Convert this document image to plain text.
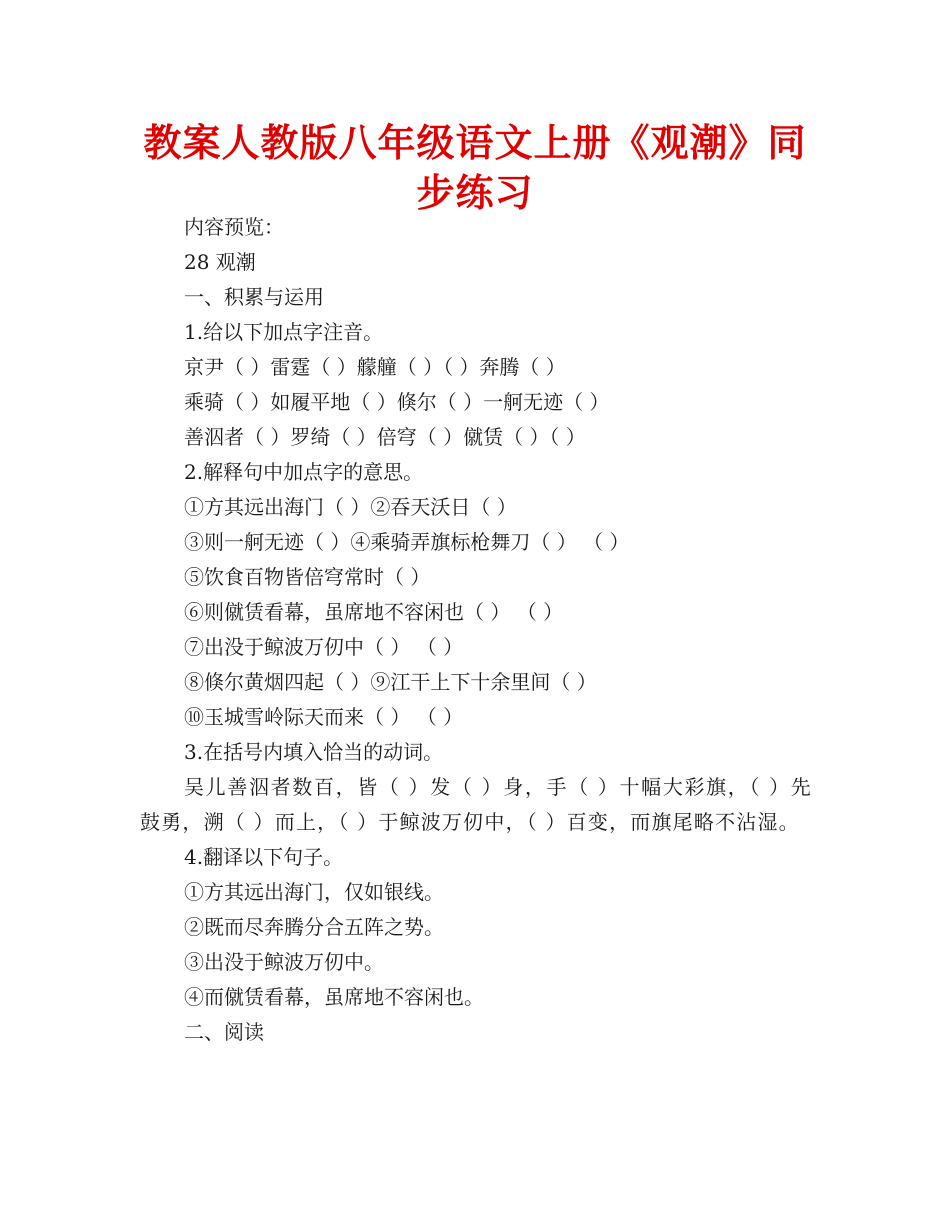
教案人教版八年级语文上册《观潮》同步练习
内容预览：
28 观潮
一、积累与运用
1.给以下加点字注音。
京尹（ ）雷霆（ ）艨艟（ ）（ ）奔腾（ ）
乘骑（ ）如履平地（ ）倏尔（ ）一舸无迹（ ）
善泅者（ ）罗绮（ ）倍穹（ ）僦赁（ ）（ ）
2.解释句中加点字的意思。
①方其远出海门（ ）②吞天沃日（ ）
③则一舸无迹（ ）④乘骑弄旗标枪舞刀（ ） （ ）
⑤饮食百物皆倍穹常时（ ）
⑥则僦赁看幕，虽席地不容闲也（ ） （ ）
⑦出没于鲸波万仞中（ ） （ ）
⑧倏尔黄烟四起（ ）⑨江干上下十余里间（ ）
⑩玉城雪岭际天而来（ ） （ ）
3.在括号内填入恰当的动词。
吴儿善泅者数百，皆（ ）发（ ）身，手（ ）十幅大彩旗，（ ）先鼓勇，溯（ ）而上，（ ）于鲸波万仞中，（ ）百变，而旗尾略不沾湿。
4.翻译以下句子。
①方其远出海门，仅如银线。
②既而尽奔腾分合五阵之势。
③出没于鲸波万仞中。
④而僦赁看幕，虽席地不容闲也。
二、阅读
